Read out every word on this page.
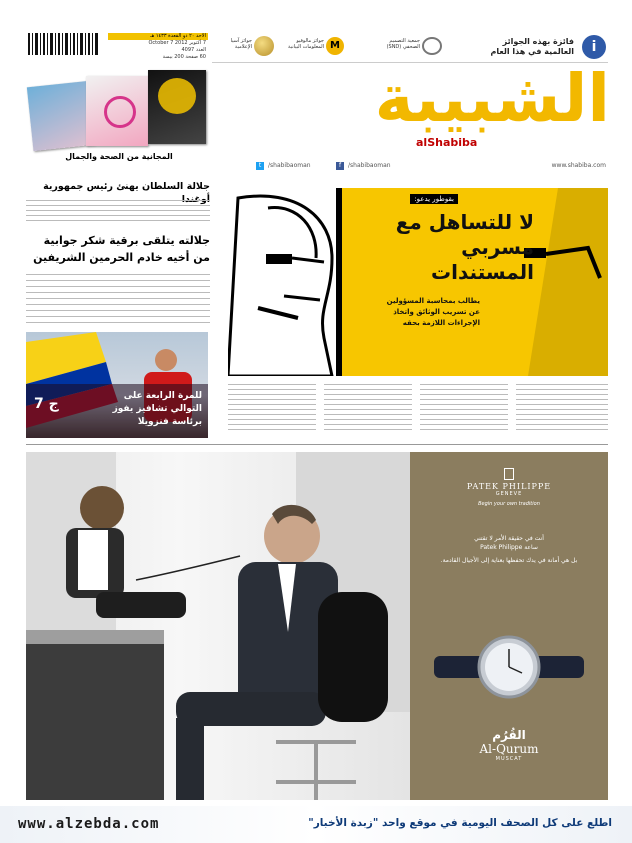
الاحد ٢٠ ذو القعدة ١٤٣٣ هـ
7 أكتوبر 2012 October 7
العدد 4097
60 صفحة 200 بيسة
جوائز آسيا الإعلامية	M
جوائز مالوفيو المعلومات البيانية
جمعية التصميم الصحفي (SND)
فائزة بهذه الجوائز العالمية في هذا العام	i
المجانية من الصحة والجمال
الشبيبة
alShabiba
www.shabiba.com
/shabibaoman
f
/shabibaoman
t
جلالة السلطان يهنئ رئيس جمهورية
جلالته يتلقى برقية شكر جوابية من أخيه خادم الحرمين الشريفين
للمرة الرابعة على التوالي تشافيز يفوز برئاسة فنزويلا
ج 7
بقوطور يدعو:
لا للتساهل مع مسربي المستندات
يطالب بمحاسبة المسؤولين عن تسريب الوثائق واتخاذ الإجراءات اللازمة بحقه
PATEK PHILIPPE
GENEVE
Begin your own tradition
أنت في حقيقة الأمر لا تقتني
ساعة Patek Philippe
بل هي أمانة في يدك تحفظها بعناية إلى الأجيال القادمة.
القُرُم
Al-Qurum
MUSCAT
www.alzebda.com	اطلع على كل الصحف اليومية في موقع واحد "زبدة الأخبار"
